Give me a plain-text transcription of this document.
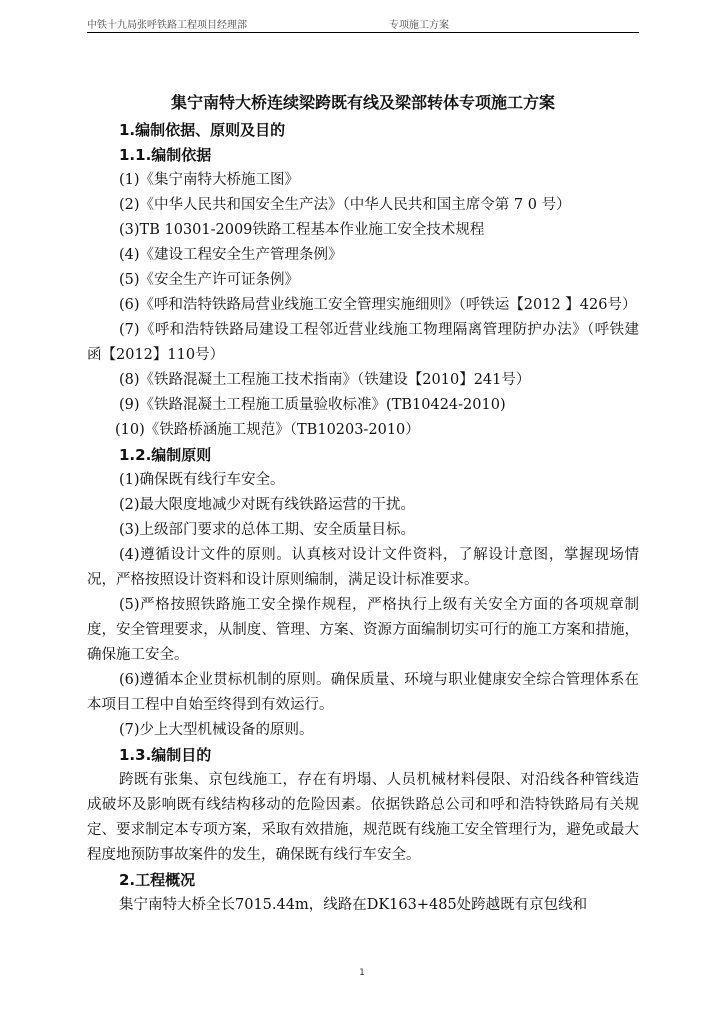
中铁十九局张呼铁路工程项目经理部	专项施工方案
集宁南特大桥连续梁跨既有线及梁部转体专项施工方案
1.编制依据、原则及目的
1.1.编制依据

(1)《集宁南特大桥施工图》

(2)《中华人民共和国安全生产法》（中华人民共和国主席令第 7 0 号）

(3)TB 10301-2009铁路工程基本作业施工安全技术规程

(4)《建设工程安全生产管理条例》

(5)《安全生产许可证条例》

(6)《呼和浩特铁路局营业线施工安全管理实施细则》（呼铁运【2012 】426号）

(7)《呼和浩特铁路局建设工程邻近营业线施工物理隔离管理防护办法》（呼铁建函【2012】110号）

(8)《铁路混凝土工程施工技术指南》（铁建设【2010】241号）

(9)《铁路混凝土工程施工质量验收标准》(TB10424-2010)

(10)《铁路桥涵施工规范》（TB10203-2010）

1.2.编制原则

(1)确保既有线行车安全。

(2)最大限度地减少对既有线铁路运营的干扰。

(3)上级部门要求的总体工期、安全质量目标。

(4)遵循设计文件的原则。认真核对设计文件资料，了解设计意图，掌握现场情况，严格按照设计资料和设计原则编制，满足设计标准要求。

(5)严格按照铁路施工安全操作规程，严格执行上级有关安全方面的各项规章制度，安全管理要求，从制度、管理、方案、资源方面编制切实可行的施工方案和措施，确保施工安全。

(6)遵循本企业贯标机制的原则。确保质量、环境与职业健康安全综合管理体系在本项目工程中自始至终得到有效运行。

(7)少上大型机械设备的原则。

1.3.编制目的

跨既有张集、京包线施工，存在有坍塌、人员机械材料侵限、对沿线各种管线造成破坏及影响既有线结构移动的危险因素。依据铁路总公司和呼和浩特铁路局有关规定、要求制定本专项方案，采取有效措施，规范既有线施工安全管理行为，避免或最大程度地预防事故案件的发生，确保既有线行车安全。

2.工程概况

集宁南特大桥全长7015.44m，线路在DK163+485处跨越既有京包线和

1
